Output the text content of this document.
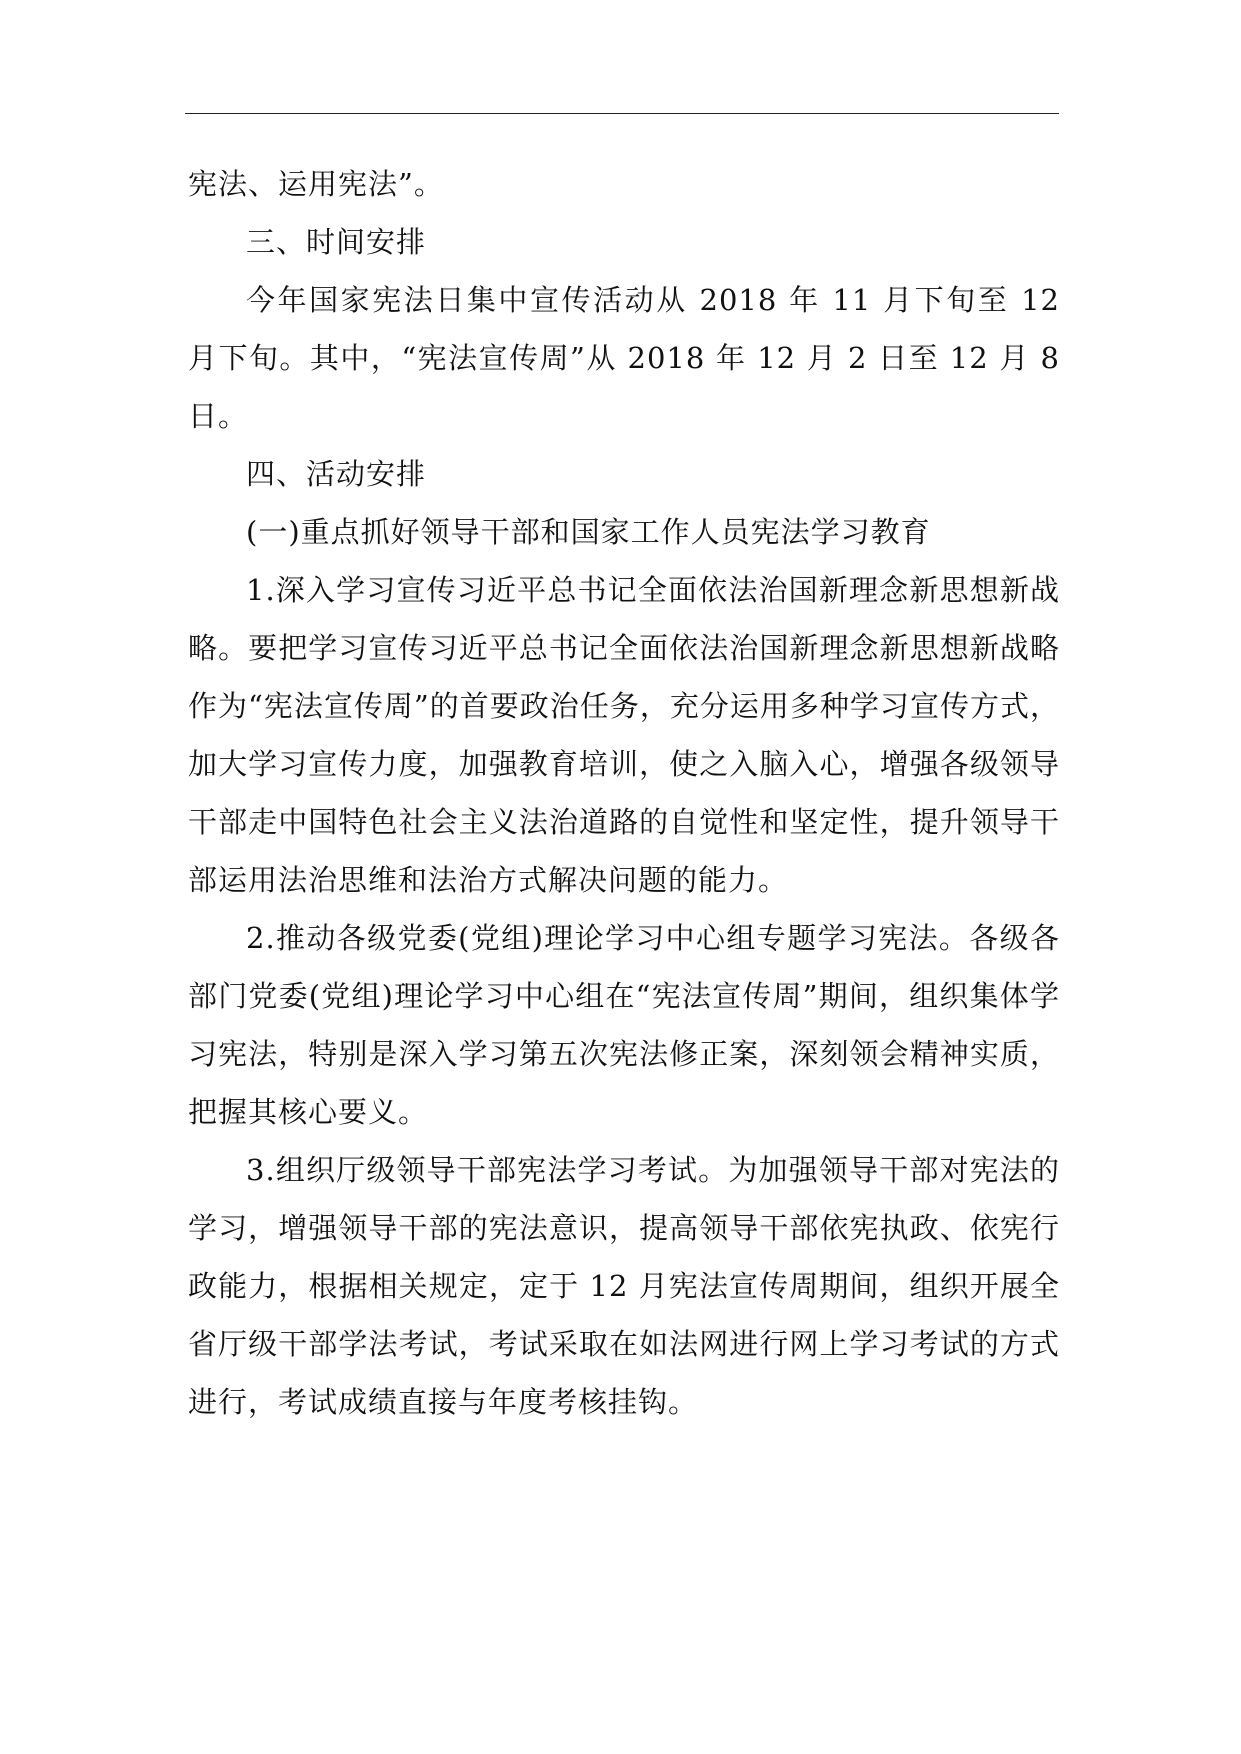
宪法、运用宪法”。

三、时间安排

今年国家宪法日集中宣传活动从 2018 年 11 月下旬至 12 月下旬。其中，“宪法宣传周”从 2018 年 12 月 2 日至 12 月 8 日。

四、活动安排

(一)重点抓好领导干部和国家工作人员宪法学习教育

1.深入学习宣传习近平总书记全面依法治国新理念新思想新战略。要把学习宣传习近平总书记全面依法治国新理念新思想新战略作为“宪法宣传周”的首要政治任务，充分运用多种学习宣传方式，加大学习宣传力度，加强教育培训，使之入脑入心，增强各级领导干部走中国特色社会主义法治道路的自觉性和坚定性，提升领导干部运用法治思维和法治方式解决问题的能力。

2.推动各级党委(党组)理论学习中心组专题学习宪法。各级各部门党委(党组)理论学习中心组在“宪法宣传周”期间，组织集体学习宪法，特别是深入学习第五次宪法修正案，深刻领会精神实质，把握其核心要义。

3.组织厅级领导干部宪法学习考试。为加强领导干部对宪法的学习，增强领导干部的宪法意识，提高领导干部依宪执政、依宪行政能力，根据相关规定，定于 12 月宪法宣传周期间，组织开展全省厅级干部学法考试，考试采取在如法网进行网上学习考试的方式进行，考试成绩直接与年度考核挂钩。
